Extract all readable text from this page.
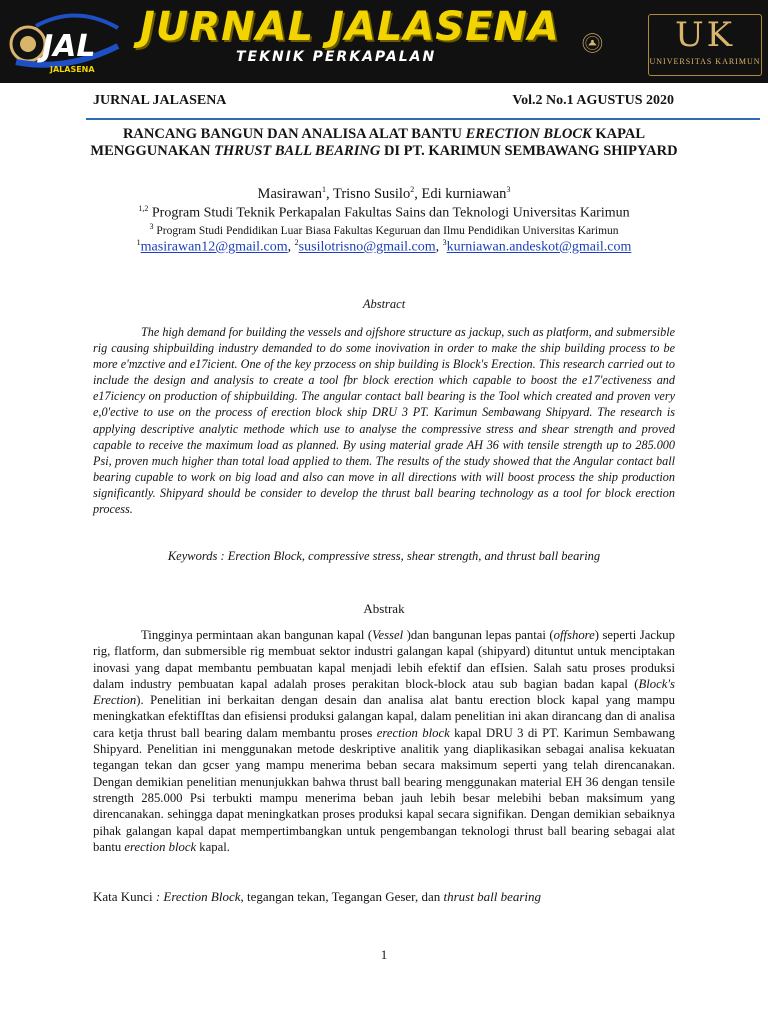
JAL
JALASENA
JURNAL JALASENA
TEKNIK PERKAPALAN
UK
UNIVERSITAS KARIMUN
JURNAL JALASENA	Vol.2 No.1 AGUSTUS 2020
RANCANG BANGUN DAN ANALISA ALAT BANTU ERECTION BLOCK KAPAL MENGGUNAKAN THRUST BALL BEARING DI PT. KARIMUN SEMBAWANG SHIPYARD
Masirawan$^1$, Trisno Susilo$^2$, Edi kurniawan$^3$
$^{1,2}$ Program Studi Teknik Perkapalan Fakultas Sains dan Teknologi Universitas Karimun
$^3$ Program Studi Pendidikan Luar Biasa Fakultas Keguruan dan Ilmu Pendidikan Universitas Karimun
$^1$masirawan12@gmail.com, $^2$susilotrisno@gmail.com, $^3$kurniawan.andeskot@gmail.com
Abstract

The high demand for building the vessels and ojfshore structure as jackup, such as platform, and submersible rig causing shipbuilding industry demanded to do some inovivation in order to make the ship building process to be more e'mzctive and e17icient. One of the key przocess on ship building is Block's Erection. This research carried out to include the design and analysis to create a tool fbr block erection which capable to boost the e17'ectiveness and e17iciency on production of shipbuilding. The angular contact ball bearing is the Tool which created and proven very e,0'ective to use on the process of erection block ship DRU 3 PT. Karimun Sembawang Shipyard. The research is applying descriptive analytic methode which use to analyse the compressive stress and shear strength and proved capable to receive the maximum load as planned. By using material grade AH 36 with tensile strength up to 285.000 Psi, proven much higher than total load applied to them. The results of the study showed that the Angular contact ball bearing cupable to work on big load and also can move in all directions with will boost process the ship production significantly. Shipyard should be consider to develop the thrust ball bearing technology as a tool for block erection process.

Keywords : Erection Block, compressive stress, shear strength, and thrust ball bearing
Abstrak

Tingginya permintaan akan bangunan kapal (Vessel )dan bangunan lepas pantai (offshore) seperti Jackup rig, flatform, dan submersible rig membuat sektor industri galangan kapal (shipyard) dituntut untuk menciptakan inovasi yang dapat membantu pembuatan kapal menjadi lebih efektif dan efIsien. Salah satu proses produksi dalam industry pembuatan kapal adalah proses perakitan block-block atau sub bagian badan kapal (Block's Erection). Penelitian ini berkaitan dengan desain dan analisa alat bantu erection block kapal yang mampu meningkatkan efektifItas dan efisiensi produksi galangan kapal, dalam penelitian ini akan dirancang dan di analisa cara ketja thrust ball bearing dalam membantu proses erection block kapal DRU 3 di PT. Karimun Sembawang Shipyard. Penelitian ini menggunakan metode deskriptive analitik yang diaplikasikan sebagai analisa kekuatan tegangan tekan dan gcser yang mampu menerima beban secara maksimum seperti yang telah direncanakan. Dengan demikian penelitian menunjukkan bahwa thrust ball bearing menggunakan material EH 36 dengan tensile strength 285.000 Psi terbukti mampu menerima beban jauh lebih besar melebihi beban maksimum yang direncanakan. sehingga dapat meningkatkan proses produksi kapal secara signifikan. Dengan demikian sebaiknya pihak galangan kapal dapat mempertimbangkan untuk pengembangan teknologi thrust ball bearing sebagai alat bantu erection block kapal.

Kata Kunci : Erection Block, tegangan tekan, Tegangan Geser, dan thrust ball bearing
1
